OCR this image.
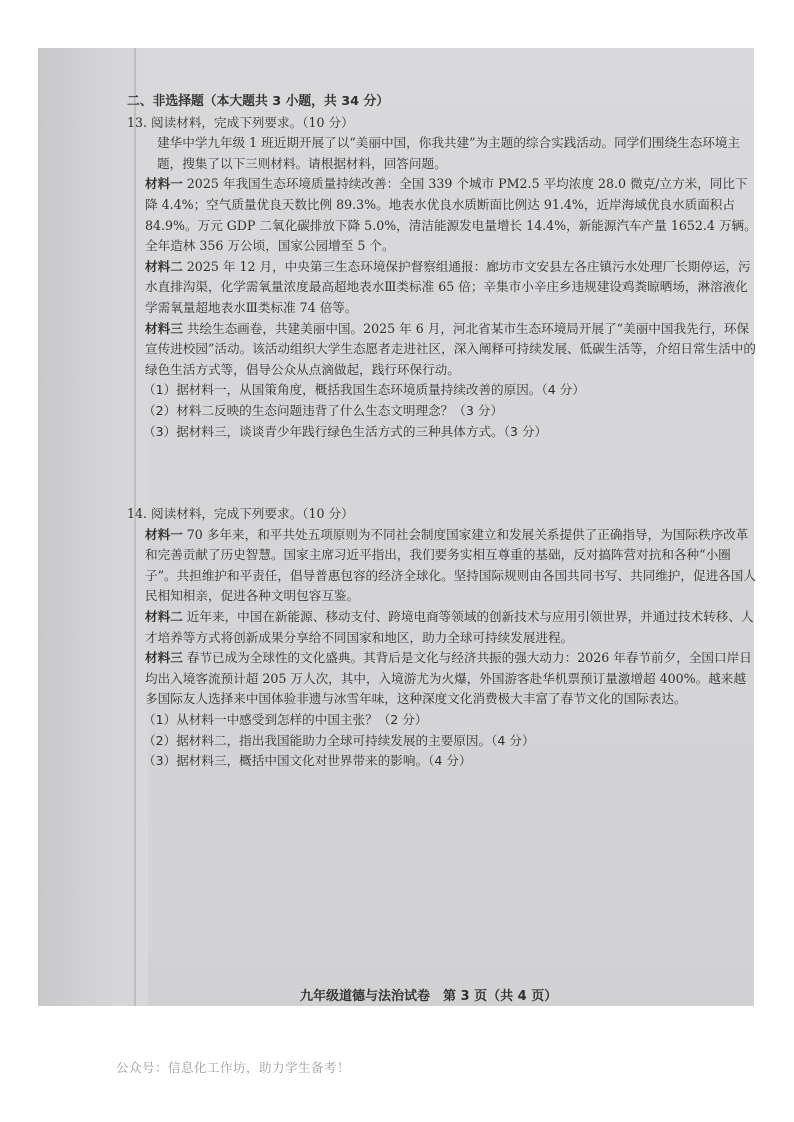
二、非选择题（本大题共 3 小题，共 34 分）

13. 阅读材料，完成下列要求。（10 分）

建华中学九年级 1 班近期开展了以“美丽中国，你我共建”为主题的综合实践活动。同学们围绕生态环境主题，搜集了以下三则材料。请根据材料，回答问题。

材料一 2025 年我国生态环境质量持续改善：全国 339 个城市 PM2.5 平均浓度 28.0 微克/立方米，同比下降 4.4%；空气质量优良天数比例 89.3%。地表水优良水质断面比例达 91.4%，近岸海域优良水质面积占 84.9%。万元 GDP 二氧化碳排放下降 5.0%，清洁能源发电量增长 14.4%，新能源汽车产量 1652.4 万辆。全年造林 356 万公顷，国家公园增至 5 个。

材料二 2025 年 12 月，中央第三生态环境保护督察组通报：廊坊市文安县左各庄镇污水处理厂长期停运，污水直排沟渠，化学需氧量浓度最高超地表水Ⅲ类标准 65 倍；辛集市小辛庄乡违规建设鸡粪晾晒场，淋溶液化学需氧量超地表水Ⅲ类标准 74 倍等。

材料三 共绘生态画卷，共建美丽中国。2025 年 6 月，河北省某市生态环境局开展了“美丽中国我先行，环保宣传进校园”活动。该活动组织大学生态愿者走进社区，深入阐释可持续发展、低碳生活等，介绍日常生活中的绿色生活方式等，倡导公众从点滴做起，践行环保行动。

（1）据材料一，从国策角度，概括我国生态环境质量持续改善的原因。（4 分）

（2）材料二反映的生态问题违背了什么生态文明理念？（3 分）

（3）据材料三，谈谈青少年践行绿色生活方式的三种具体方式。（3 分）

14. 阅读材料，完成下列要求。（10 分）

材料一 70 多年来，和平共处五项原则为不同社会制度国家建立和发展关系提供了正确指导，为国际秩序改革和完善贡献了历史智慧。国家主席习近平指出，我们要务实相互尊重的基础，反对搞阵营对抗和各种“小圈子”。共担维护和平责任，倡导普惠包容的经济全球化。坚持国际规则由各国共同书写、共同维护，促进各国人民相知相亲，促进各种文明包容互鉴。

材料二 近年来，中国在新能源、移动支付、跨境电商等领域的创新技术与应用引领世界，并通过技术转移、人才培养等方式将创新成果分享给不同国家和地区，助力全球可持续发展进程。

材料三 春节已成为全球性的文化盛典。其背后是文化与经济共振的强大动力：2026 年春节前夕，全国口岸日均出入境客流预计超 205 万人次，其中，入境游尤为火爆，外国游客赴华机票预订量激增超 400%。越来越多国际友人选择来中国体验非遗与冰雪年味，这种深度文化消费极大丰富了春节文化的国际表达。

（1）从材料一中感受到怎样的中国主张？（2 分）

（2）据材料二，指出我国能助力全球可持续发展的主要原因。（4 分）

（3）据材料三，概括中国文化对世界带来的影响。（4 分）

九年级道德与法治试卷　第 3 页（共 4 页）
公众号：信息化工作坊，助力学生备考！
